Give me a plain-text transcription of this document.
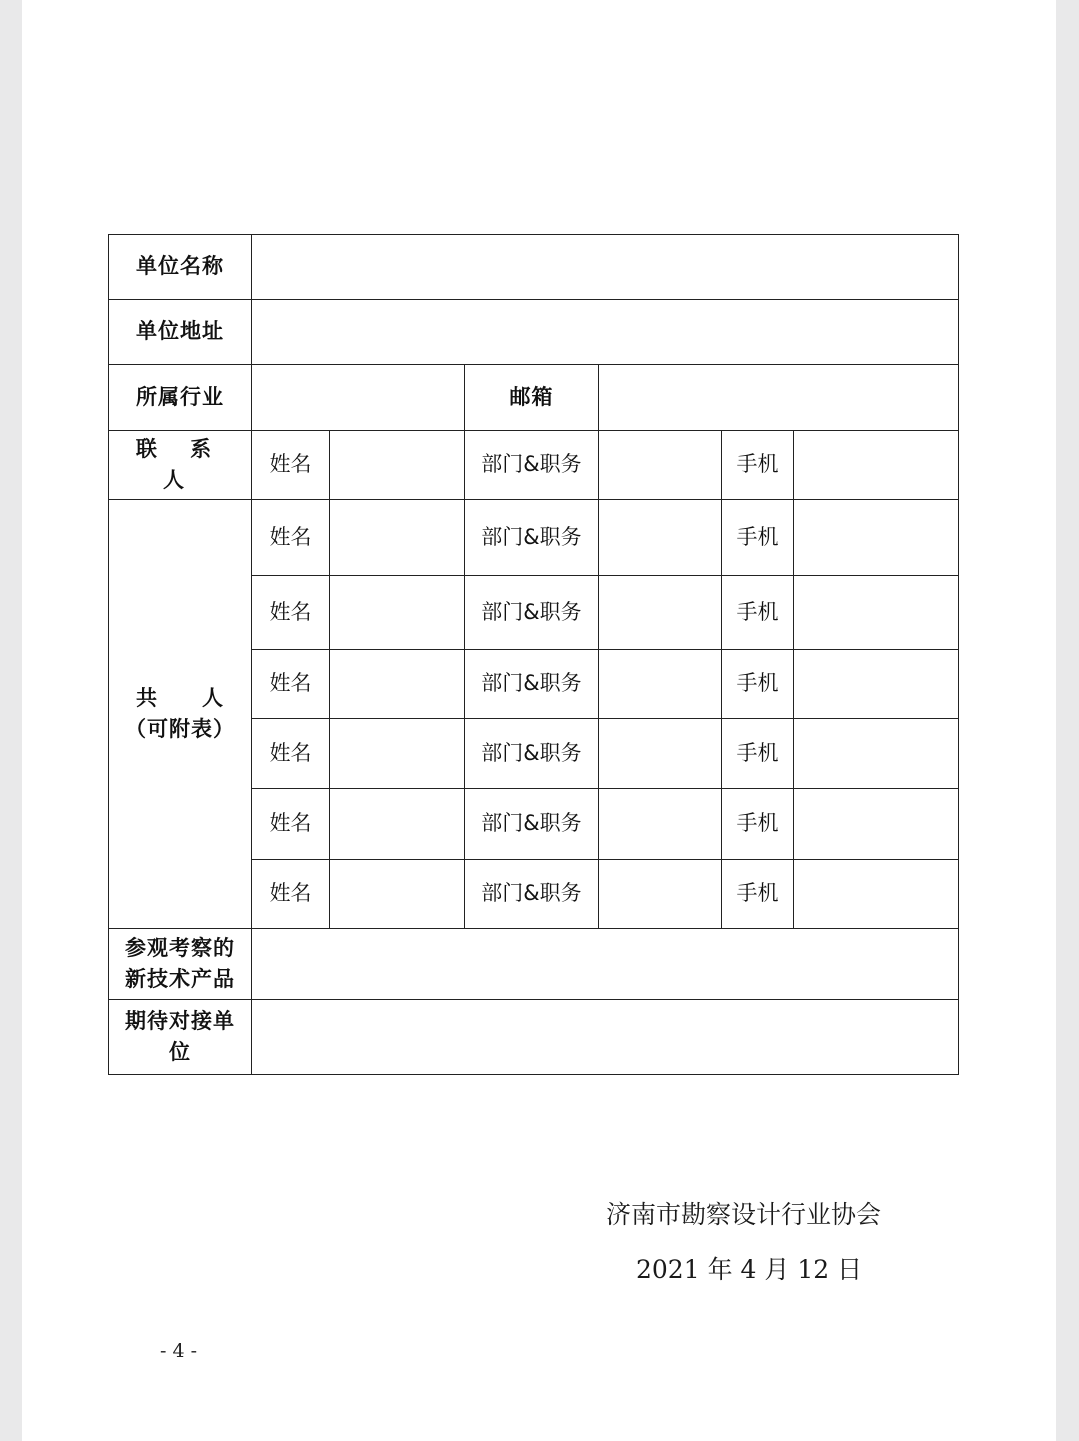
单位名称						
单位地址						
所属行业			邮箱			
联 系 人	姓名		部门&职务		手机	

共 人
（可附表）	姓名		部门&职务		手机	
	姓名		部门&职务		手机	
	姓名		部门&职务		手机	
	姓名		部门&职务		手机	
	姓名		部门&职务		手机	
	姓名		部门&职务		手机	

参观考察的
新技术产品						

期待对接单
位						

济南市勘察设计行业协会
2021 年 4 月 12 日
- 4 -
